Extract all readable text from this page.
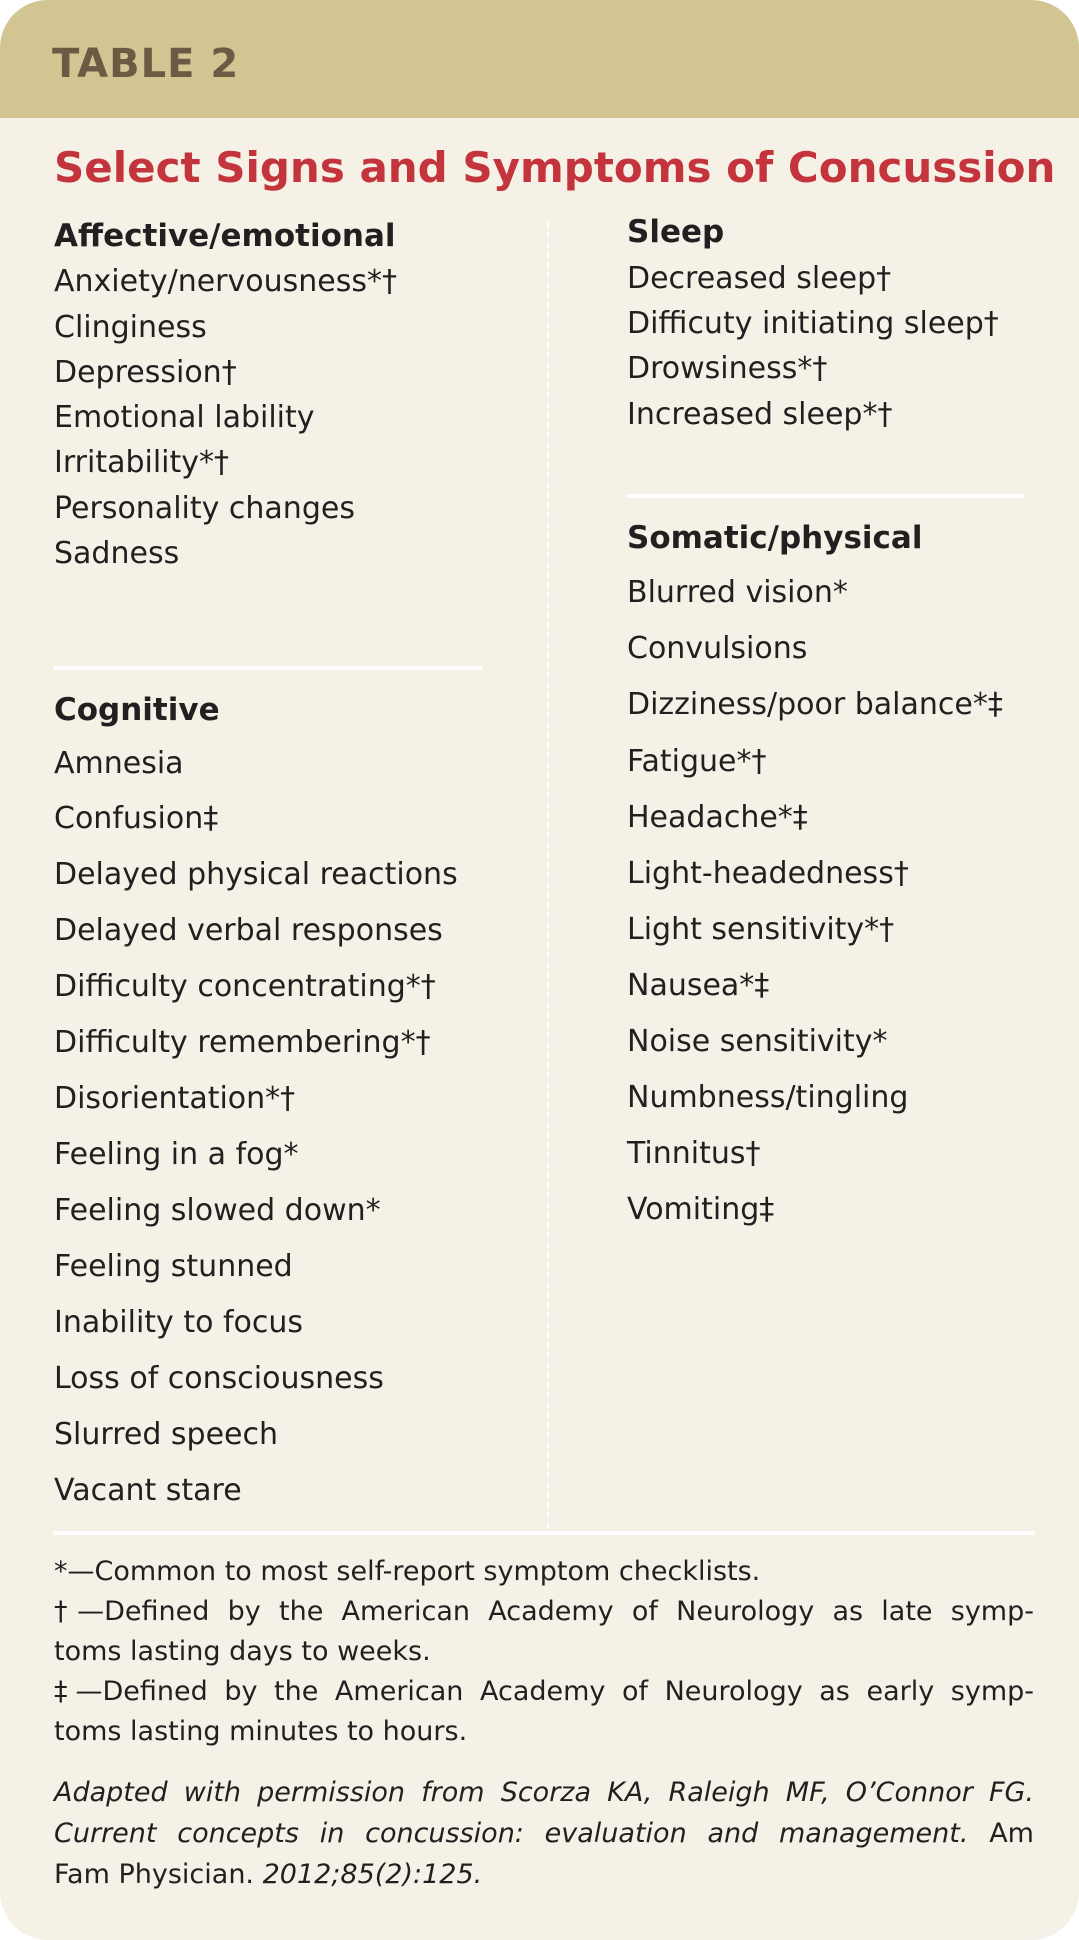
TABLE 2
Select Signs and Symptoms of Concussion
Affective/emotional
Anxiety/nervousness*†
Clinginess
Depression†
Emotional lability
Irritability*†
Personality changes
Sadness
Cognitive
Amnesia
Confusion‡
Delayed physical reactions
Delayed verbal responses
Difficulty concentrating*†
Difficulty remembering*†
Disorientation*†
Feeling in a fog*
Feeling slowed down*
Feeling stunned
Inability to focus
Loss of consciousness
Slurred speech
Vacant stare
Sleep
Decreased sleep†
Difficuty initiating sleep†
Drowsiness*†
Increased sleep*†
Somatic/physical
Blurred vision*
Convulsions
Dizziness/poor balance*‡
Fatigue*†
Headache*‡
Light-headedness†
Light sensitivity*†
Nausea*‡
Noise sensitivity*
Numbness/tingling
Tinnitus†
Vomiting‡
*—Common to most self-report symptom checklists.
†—Defined by the American Academy of Neurology as late symp-
toms lasting days to weeks.
‡—Defined by the American Academy of Neurology as early symp-
toms lasting minutes to hours.
Adapted with permission from Scorza KA, Raleigh MF, O’Connor FG.
Current concepts in concussion: evaluation and management. Am
Fam Physician. 2012;85(2):125.
